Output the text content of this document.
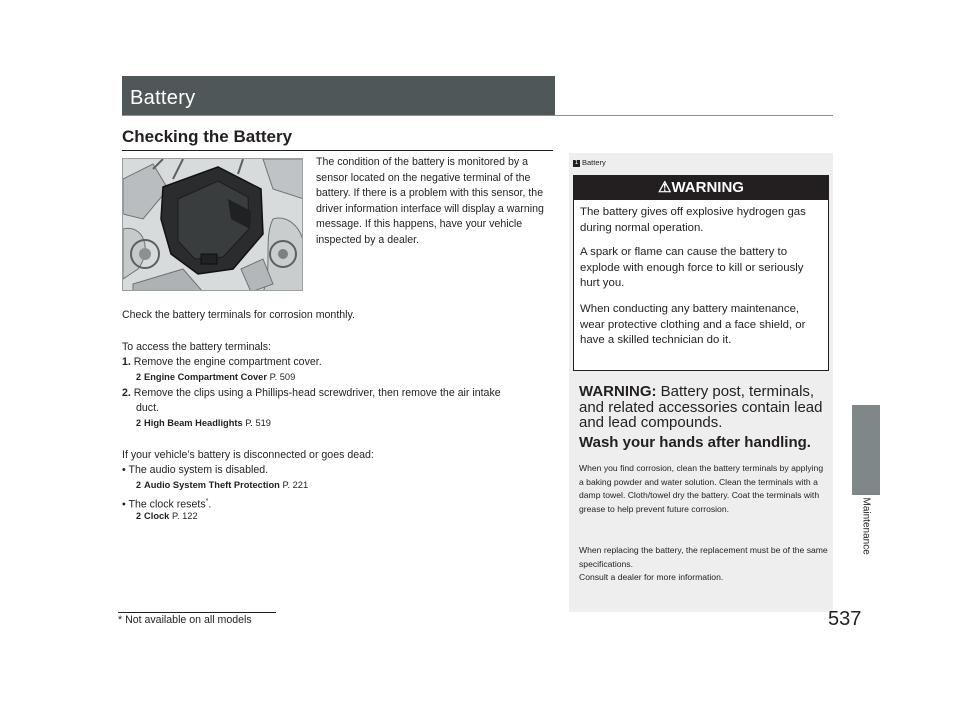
Battery
Checking the Battery
The condition of the battery is monitored by a sensor located on the negative terminal of the battery. If there is a problem with this sensor, the driver information interface will display a warning message. If this happens, have your vehicle inspected by a dealer.
Check the battery terminals for corrosion monthly.
To access the battery terminals:
1. Remove the engine compartment cover.
2 Engine Compartment Cover P. 509
2. Remove the clips using a Phillips-head screwdriver, then remove the air intake
duct.
2 High Beam Headlights P. 519
If your vehicle’s battery is disconnected or goes dead:
• The audio system is disabled.
2 Audio System Theft Protection P. 221
• The clock resets*.
2 Clock P. 122
1 Battery
⚠WARNING
The battery gives off explosive hydrogen gas during normal operation.
A spark or flame can cause the battery to explode with enough force to kill or seriously hurt you.
When conducting any battery maintenance, wear protective clothing and a face shield, or have a skilled technician do it.
WARNING: Battery post, terminals, and related accessories contain lead and lead compounds.
Wash your hands after handling.
When you find corrosion, clean the battery terminals by applying a baking powder and water solution. Clean the terminals with a damp towel. Cloth/towel dry the battery. Coat the terminals with grease to help prevent future corrosion.
When replacing the battery, the replacement must be of the same specifications.
Consult a dealer for more information.
Maintenance
537
* Not available on all models
